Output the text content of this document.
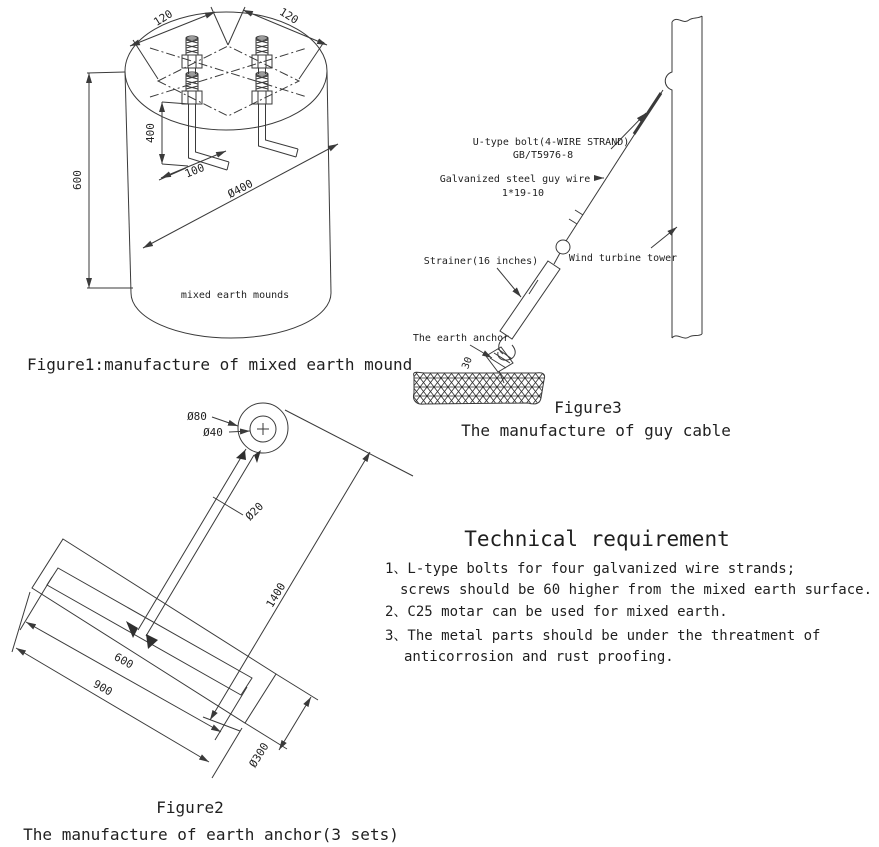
120	120
400
600	100
Ø400
mixed earth mounds
Figure1:manufacture of mixed earth mound
U-type bolt(4-WIRE STRAND)
GB/T5976-8
Galvanized steel guy wire
1*19-10
Strainer(16 inches)	Wind turbine tower
The earth anchor
30
Figure3
The manufacture of guy cable
Ø80
Ø40
Ø20
1400
600
900
Ø300
Figure2
The manufacture of earth anchor(3 sets)
Technical requirement
1、L-type bolts for four galvanized wire strands;
screws should be 60 higher from the mixed earth surface.
2、C25 motar can be used for mixed earth.
3、The metal parts should be under the threatment of
anticorrosion and rust proofing.
